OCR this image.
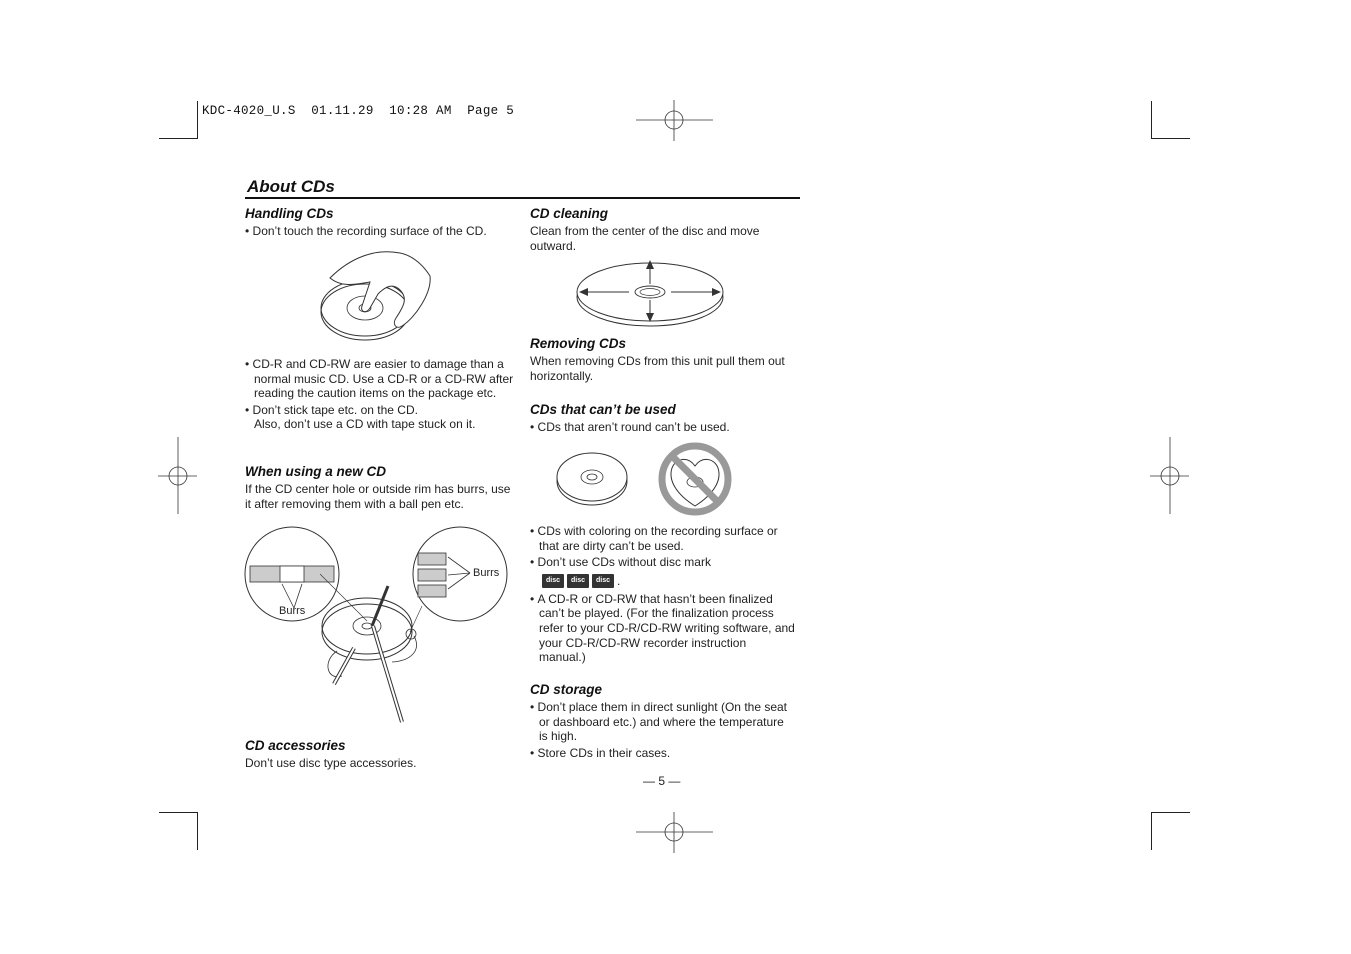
KDC-4020_U.S  01.11.29  10:28 AM  Page 5
About CDs

Handling CDs

• Don’t touch the recording surface of the CD.

• CD-R and CD-RW are easier to damage than a normal music CD. Use a CD-R or a CD-RW after reading the caution items on the package etc.

• Don’t stick tape etc. on the CD.
Also, don’t use a CD with tape stuck on it.

When using a new CD

If the CD center hole or outside rim has burrs, use it after removing them with a ball pen etc.

Burrs
Burrs

CD accessories

Don’t use disc type accessories.

CD cleaning

Clean from the center of the disc and move outward.

Removing CDs

When removing CDs from this unit pull them out horizontally.

CDs that can’t be used

• CDs that aren’t round can’t be used.

• CDs with coloring on the recording surface or that are dirty can’t be used.

• Don’t use CDs without disc mark

disc disc disc .

• A CD-R or CD-RW that hasn’t been finalized can’t be played. (For the finalization process refer to your CD-R/CD-RW writing software, and your CD-R/CD-RW recorder instruction manual.)

CD storage

• Don’t place them in direct sunlight (On the seat or dashboard etc.) and where the temperature is high.

• Store CDs in their cases.

— 5 —
